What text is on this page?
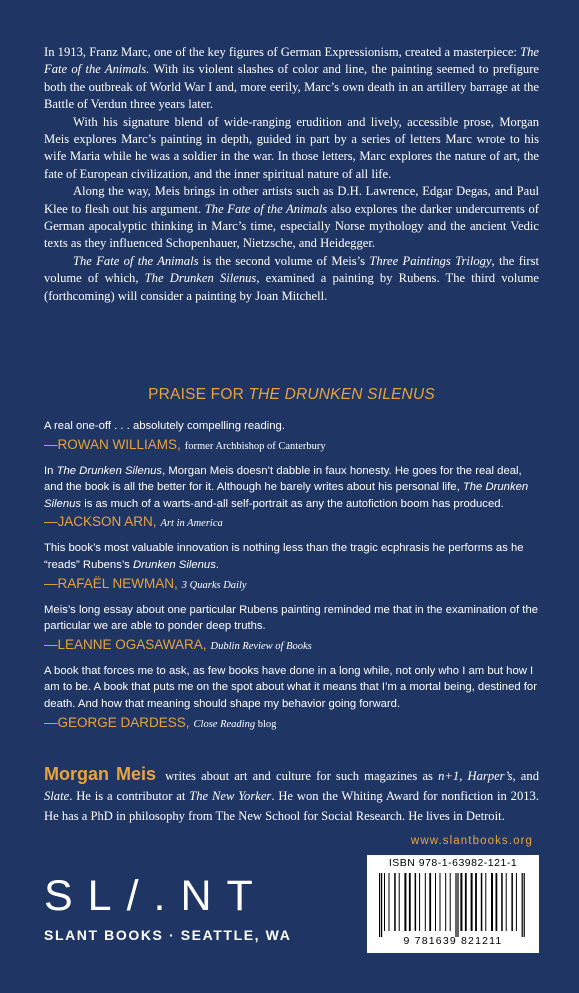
In 1913, Franz Marc, one of the key figures of German Expressionism, created a masterpiece: The Fate of the Animals. With its violent slashes of color and line, the painting seemed to prefigure both the outbreak of World War I and, more eerily, Marc’s own death in an artillery barrage at the Battle of Verdun three years later.

With his signature blend of wide-ranging erudition and lively, accessible prose, Morgan Meis explores Marc’s painting in depth, guided in part by a series of letters Marc wrote to his wife Maria while he was a soldier in the war. In those letters, Marc explores the nature of art, the fate of European civilization, and the inner spiritual nature of all life.

Along the way, Meis brings in other artists such as D.H. Lawrence, Edgar Degas, and Paul Klee to flesh out his argument. The Fate of the Animals also explores the darker undercurrents of German apocalyptic thinking in Marc’s time, especially Norse mythology and the ancient Vedic texts as they influenced Schopenhauer, Nietzsche, and Heidegger.

The Fate of the Animals is the second volume of Meis’s Three Paintings Trilogy, the first volume of which, The Drunken Silenus, examined a painting by Rubens. The third volume (forthcoming) will consider a painting by Joan Mitchell.

PRAISE FOR THE DRUNKEN SILENUS

A real one-off . . . absolutely compelling reading.

—ROWAN WILLIAMS, former Archbishop of Canterbury

In The Drunken Silenus, Morgan Meis doesn’t dabble in faux honesty. He goes for the real deal, and the book is all the better for it. Although he barely writes about his personal life, The Drunken Silenus is as much of a warts-and-all self-portrait as any the autofiction boom has produced.

—JACKSON ARN, Art in America

This book’s most valuable innovation is nothing less than the tragic ecphrasis he performs as he “reads” Rubens’s Drunken Silenus.

—RAFAËL NEWMAN, 3 Quarks Daily

Meis’s long essay about one particular Rubens painting reminded me that in the examination of the particular we are able to ponder deep truths.

—LEANNE OGASAWARA, Dublin Review of Books

A book that forces me to ask, as few books have done in a long while, not only who I am but how I am to be. A book that puts me on the spot about what it means that I’m a mortal being, destined for death. And how that meaning should shape my behavior going forward.

—GEORGE DARDESS, Close Reading blog

Morgan Meis writes about art and culture for such magazines as n+1, Harper’s, and Slate. He is a contributor at The New Yorker. He won the Whiting Award for nonfiction in 2013. He has a PhD in philosophy from The New School for Social Research. He lives in Detroit.
www.slantbooks.org
SL/.NT
SLANT BOOKS · SEATTLE, WA
ISBN 978-1-63982-121-1
9 781639 821211
